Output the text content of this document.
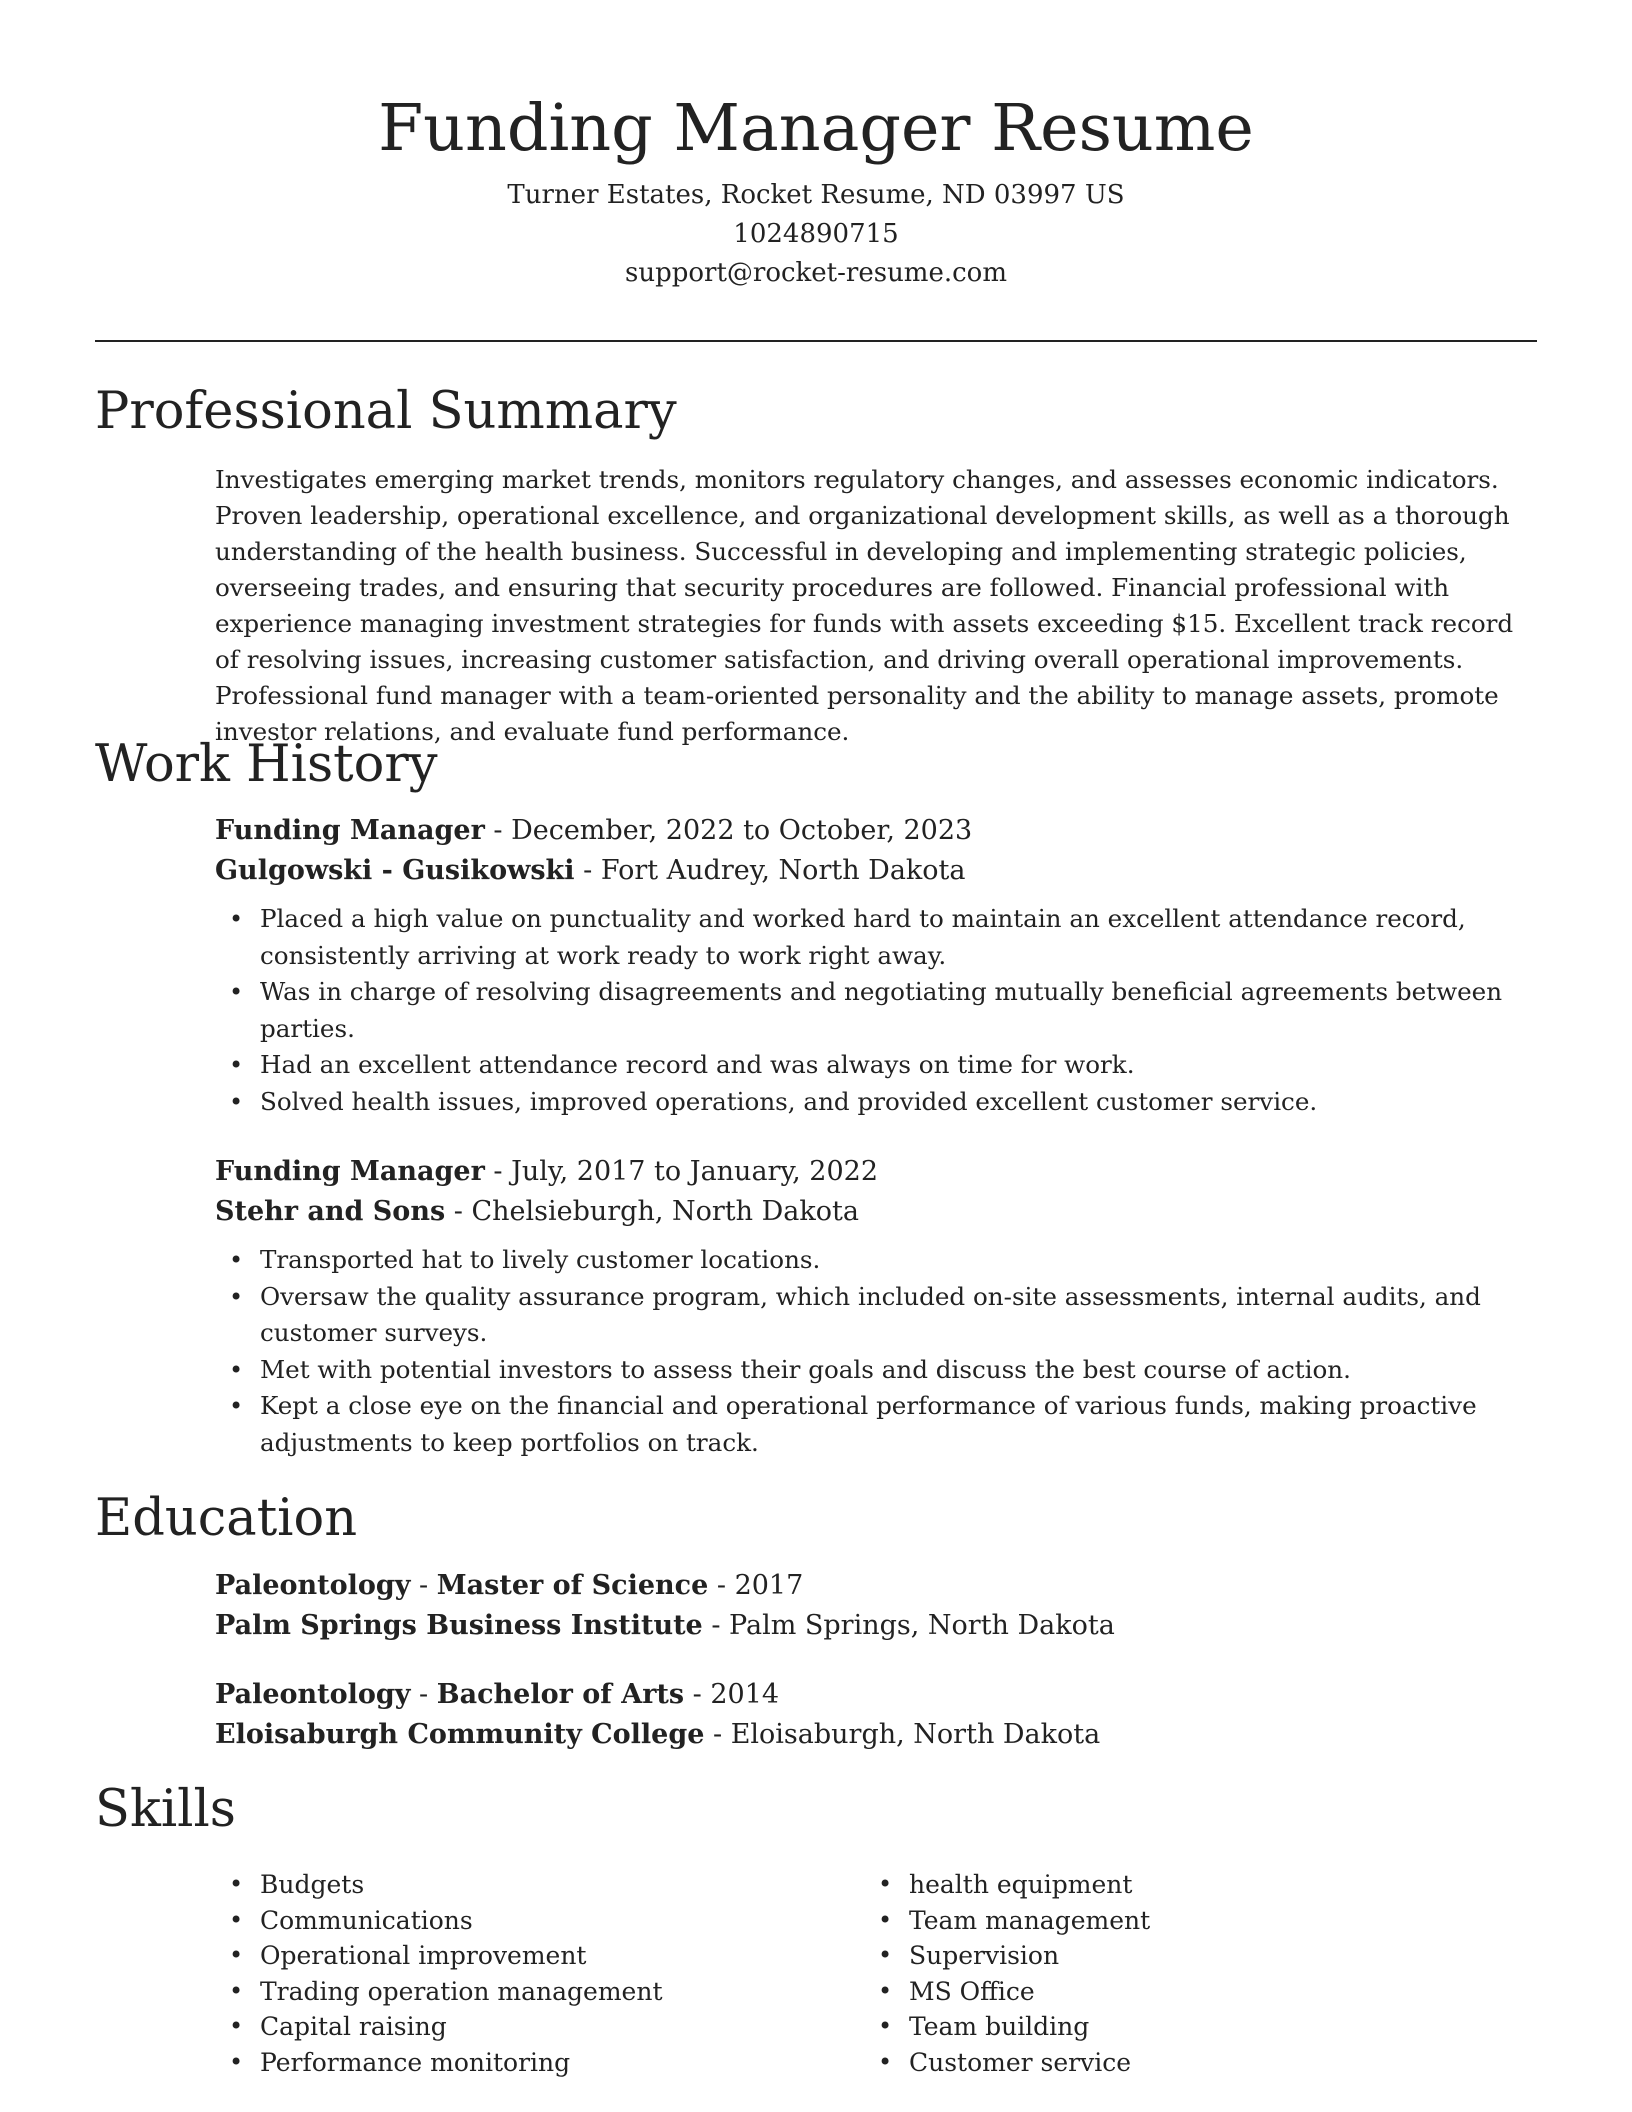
Funding Manager Resume

Turner Estates, Rocket Resume, ND 03997 US

1024890715

support@rocket-resume.com

Professional Summary

Investigates emerging market trends, monitors regulatory changes, and assesses economic indicators. Proven leadership, operational excellence, and organizational development skills, as well as a thorough understanding of the health business. Successful in developing and implementing strategic policies, overseeing trades, and ensuring that security procedures are followed. Financial professional with experience managing investment strategies for funds with assets exceeding $15. Excellent track record of resolving issues, increasing customer satisfaction, and driving overall operational improvements. Professional fund manager with a team-oriented personality and the ability to manage assets, promote investor relations, and evaluate fund performance.

Work History

Funding Manager - December, 2022 to October, 2023

Gulgowski - Gusikowski - Fort Audrey, North Dakota

• Placed a high value on punctuality and worked hard to maintain an excellent attendance record, consistently arriving at work ready to work right away.
• Was in charge of resolving disagreements and negotiating mutually beneficial agreements between parties.
• Had an excellent attendance record and was always on time for work.
• Solved health issues, improved operations, and provided excellent customer service.

Funding Manager - July, 2017 to January, 2022

Stehr and Sons - Chelsieburgh, North Dakota

• Transported hat to lively customer locations.
• Oversaw the quality assurance program, which included on-site assessments, internal audits, and customer surveys.
• Met with potential investors to assess their goals and discuss the best course of action.
• Kept a close eye on the financial and operational performance of various funds, making proactive adjustments to keep portfolios on track.
Education

Paleontology - Master of Science - 2017

Palm Springs Business Institute - Palm Springs, North Dakota

Paleontology - Bachelor of Arts - 2014

Eloisaburgh Community College - Eloisaburgh, North Dakota

Skills
• Budgets
• Communications
• Operational improvement
• Trading operation management
• Capital raising
• Performance monitoring
• health equipment
• Team management
• Supervision
• MS Office
• Team building
• Customer service
